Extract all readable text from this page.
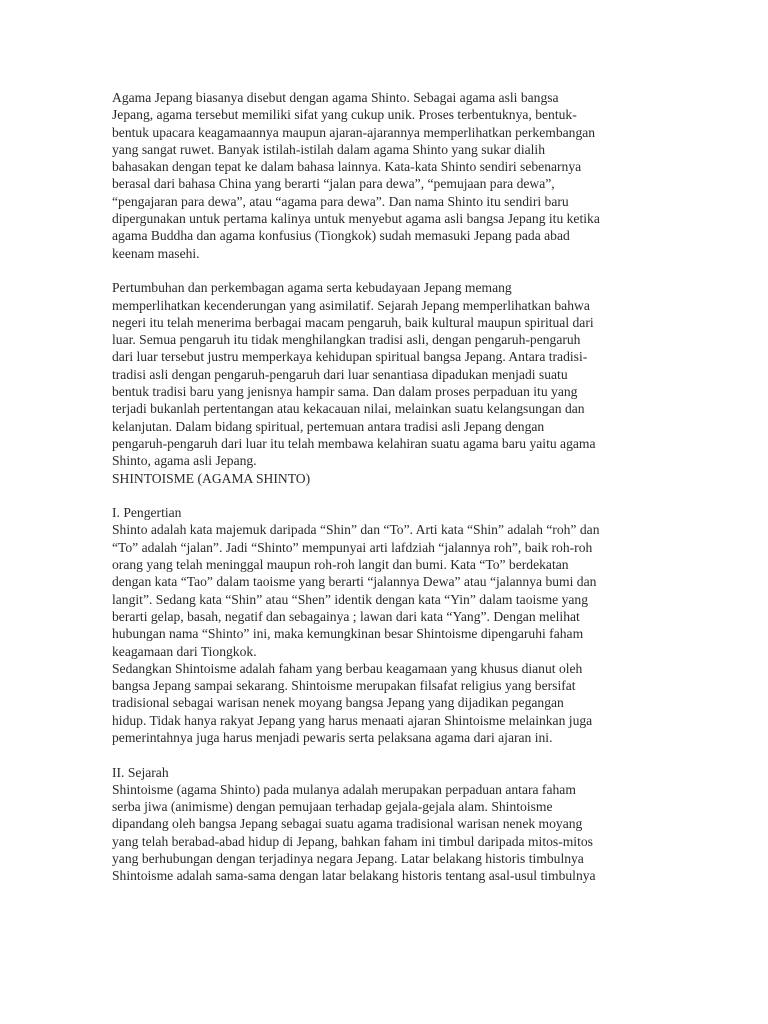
Agama Jepang biasanya disebut dengan agama Shinto. Sebagai agama asli bangsa
Jepang, agama tersebut memiliki sifat yang cukup unik. Proses terbentuknya, bentuk-
bentuk upacara keagamaannya maupun ajaran-ajarannya memperlihatkan perkembangan
yang sangat ruwet. Banyak istilah-istilah dalam agama Shinto yang sukar dialih
bahasakan dengan tepat ke dalam bahasa lainnya. Kata-kata Shinto sendiri sebenarnya
berasal dari bahasa China yang berarti “jalan para dewa”, “pemujaan para dewa”,
“pengajaran para dewa”, atau “agama para dewa”. Dan nama Shinto itu sendiri baru
dipergunakan untuk pertama kalinya untuk menyebut agama asli bangsa Jepang itu ketika
agama Buddha dan agama konfusius (Tiongkok) sudah memasuki Jepang pada abad
keenam masehi.
Pertumbuhan dan perkembagan agama serta kebudayaan Jepang memang
memperlihatkan kecenderungan yang asimilatif. Sejarah Jepang memperlihatkan bahwa
negeri itu telah menerima berbagai macam pengaruh, baik kultural maupun spiritual dari
luar. Semua pengaruh itu tidak menghilangkan tradisi asli, dengan pengaruh-pengaruh
dari luar tersebut justru memperkaya kehidupan spiritual bangsa Jepang. Antara tradisi-
tradisi asli dengan pengaruh-pengaruh dari luar senantiasa dipadukan menjadi suatu
bentuk tradisi baru yang jenisnya hampir sama. Dan dalam proses perpaduan itu yang
terjadi bukanlah pertentangan atau kekacauan nilai, melainkan suatu kelangsungan dan
kelanjutan. Dalam bidang spiritual, pertemuan antara tradisi asli Jepang dengan
pengaruh-pengaruh dari luar itu telah membawa kelahiran suatu agama baru yaitu agama
Shinto, agama asli Jepang.
SHINTOISME (AGAMA SHINTO)
I. Pengertian
Shinto adalah kata majemuk daripada “Shin” dan “To”. Arti kata “Shin” adalah “roh” dan
“To” adalah “jalan”. Jadi “Shinto” mempunyai arti lafdziah “jalannya roh”, baik roh-roh
orang yang telah meninggal maupun roh-roh langit dan bumi. Kata “To” berdekatan
dengan kata “Tao” dalam taoisme yang berarti “jalannya Dewa” atau “jalannya bumi dan
langit”. Sedang kata “Shin” atau “Shen” identik dengan kata “Yin” dalam taoisme yang
berarti gelap, basah, negatif dan sebagainya ; lawan dari kata “Yang”. Dengan melihat
hubungan nama “Shinto” ini, maka kemungkinan besar Shintoisme dipengaruhi faham
keagamaan dari Tiongkok.
Sedangkan Shintoisme adalah faham yang berbau keagamaan yang khusus dianut oleh
bangsa Jepang sampai sekarang. Shintoisme merupakan filsafat religius yang bersifat
tradisional sebagai warisan nenek moyang bangsa Jepang yang dijadikan pegangan
hidup. Tidak hanya rakyat Jepang yang harus menaati ajaran Shintoisme melainkan juga
pemerintahnya juga harus menjadi pewaris serta pelaksana agama dari ajaran ini.
II. Sejarah
Shintoisme (agama Shinto) pada mulanya adalah merupakan perpaduan antara faham
serba jiwa (animisme) dengan pemujaan terhadap gejala-gejala alam. Shintoisme
dipandang oleh bangsa Jepang sebagai suatu agama tradisional warisan nenek moyang
yang telah berabad-abad hidup di Jepang, bahkan faham ini timbul daripada mitos-mitos
yang berhubungan dengan terjadinya negara Jepang. Latar belakang historis timbulnya
Shintoisme adalah sama-sama dengan latar belakang historis tentang asal-usul timbulnya
